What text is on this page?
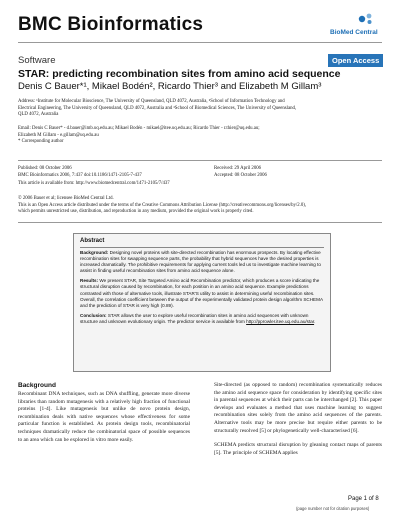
BMC Bioinformatics	BioMed Central
Software	Open Access
STAR: predicting recombination sites from amino acid sequence
Denis C Bauer*¹, Mikael Bodén², Ricardo Thier³ and Elizabeth M Gillam³
Address: ¹Institute for Molecular Bioscience, The University of Queensland, QLD 4072, Australia, ²School of Information Technology and
Electrical Engineering, The University of Queensland, QLD 4072, Australia and ³School of Biomedical Sciences, The University of Queensland,
QLD 4072, Australia
Email: Denis C Bauer* - d.bauer@imb.uq.edu.au; Mikael Bodén - mikael@itee.uq.edu.au; Ricardo Thier - r.thier@uq.edu.au;
Elizabeth M Gillam - e.gillam@uq.edu.au
* Corresponding author
Published: 08 October 2006
BMC Bioinformatics 2006, 7:437 doi:10.1186/1471-2105-7-437
Received: 29 April 2006
Accepted: 08 October 2006
This article is available from: http://www.biomedcentral.com/1471-2105/7/437
© 2006 Bauer et al; licensee BioMed Central Ltd.
This is an Open Access article distributed under the terms of the Creative Commons Attribution License (http://creativecommons.org/licenses/by/2.0),
which permits unrestricted use, distribution, and reproduction in any medium, provided the original work is properly cited.
Abstract

Background: Designing novel proteins with site-directed recombination has enormous prospects. By locating effective recombination sites for swapping sequence parts, the probability that hybrid sequences have the desired properties is increased dramatically. The prohibitive requirements for applying current tools led us to investigate machine learning to assist in finding useful recombination sites from amino acid sequence alone.

Results: We present STAR, Site Targeted Amino acid Recombination predictor, which produces a score indicating the structural disruption caused by recombination, for each position in an amino acid sequence. Example predictions contrasted with those of alternative tools, illustrate STAR'S utility to assist in determining useful recombination sites. Overall, the correlation coefficient between the output of the experimentally validated protein design algorithm SCHEMA and the prediction of STAR is very high (0.89).

Conclusion: STAR allows the user to explore useful recombination sites in amino acid sequences with unknown structure and unknown evolutionary origin. The predictor service is available from http://pprowler.itee.uq.edu.au/star.

Background

Recombinant DNA techniques, such as DNA shuffling, generate more diverse libraries than random mutagenesis with a relatively high fraction of functional proteins [1-4]. Like mutagenesis but unlike de novo protein design, recombination deals with native sequences whose effectiveness for some particular function is established. As protein design tools, recombinatorial techniques dramatically reduce the combinatorial space of possible sequences to an area which can be explored in vitro more easily.

Site-directed (as opposed to random) recombination systematically reduces the amino acid sequence space for consideration by identifying specific sites in parental sequences at which their parts can be interchanged [2]. This paper develops and evaluates a method that uses machine learning to suggest recombination sites solely from the amino acid sequences of the parents. Alternative tools may be more precise but require either parents to be structurally resolved [5] or phylogenetically well-characterised [6].

SCHEMA predicts structural disruption by gleaning contact maps of parents [5]. The principle of SCHEMA applies

Page 1 of 8
(page number not for citation purposes)
